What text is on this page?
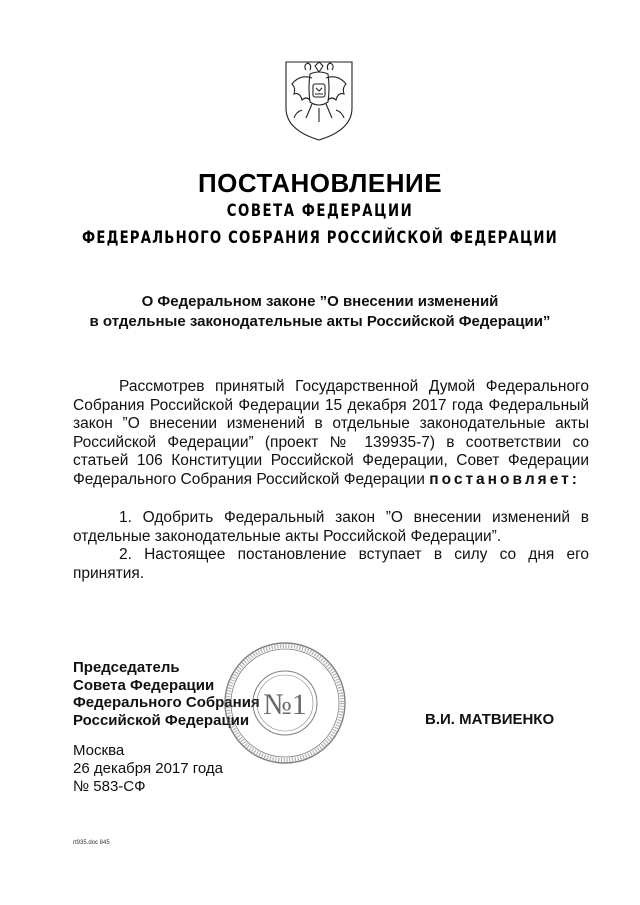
ПОСТАНОВЛЕНИЕ
СОВЕТА ФЕДЕРАЦИИ
ФЕДЕРАЛЬНОГО СОБРАНИЯ РОССИЙСКОЙ ФЕДЕРАЦИИ
О Федеральном законе ”О внесении изменений
в отдельные законодательные акты Российской Федерации”

Рассмотрев принятый Государственной Думой Федерального Собрания Российской Федерации 15 декабря 2017 года Федеральный закон ”О внесении изменений в отдельные законодательные акты Российской Федерации” (проект № 139935-7) в соответствии со статьей 106 Конституции Российской Федерации, Совет Федерации Федерального Собрания Российской Федерации постановляет:

1. Одобрить Федеральный закон ”О внесении изменений в отдельные законодательные акты Российской Федерации”.

2. Настоящее постановление вступает в силу со дня его принятия.

Председатель
Совета Федерации
Федерального Собрания
Российской Федерации №1	В.И. МАТВИЕНКО
Москва
26 декабря 2017 года
№ 583-СФ
rt935.doc 845
